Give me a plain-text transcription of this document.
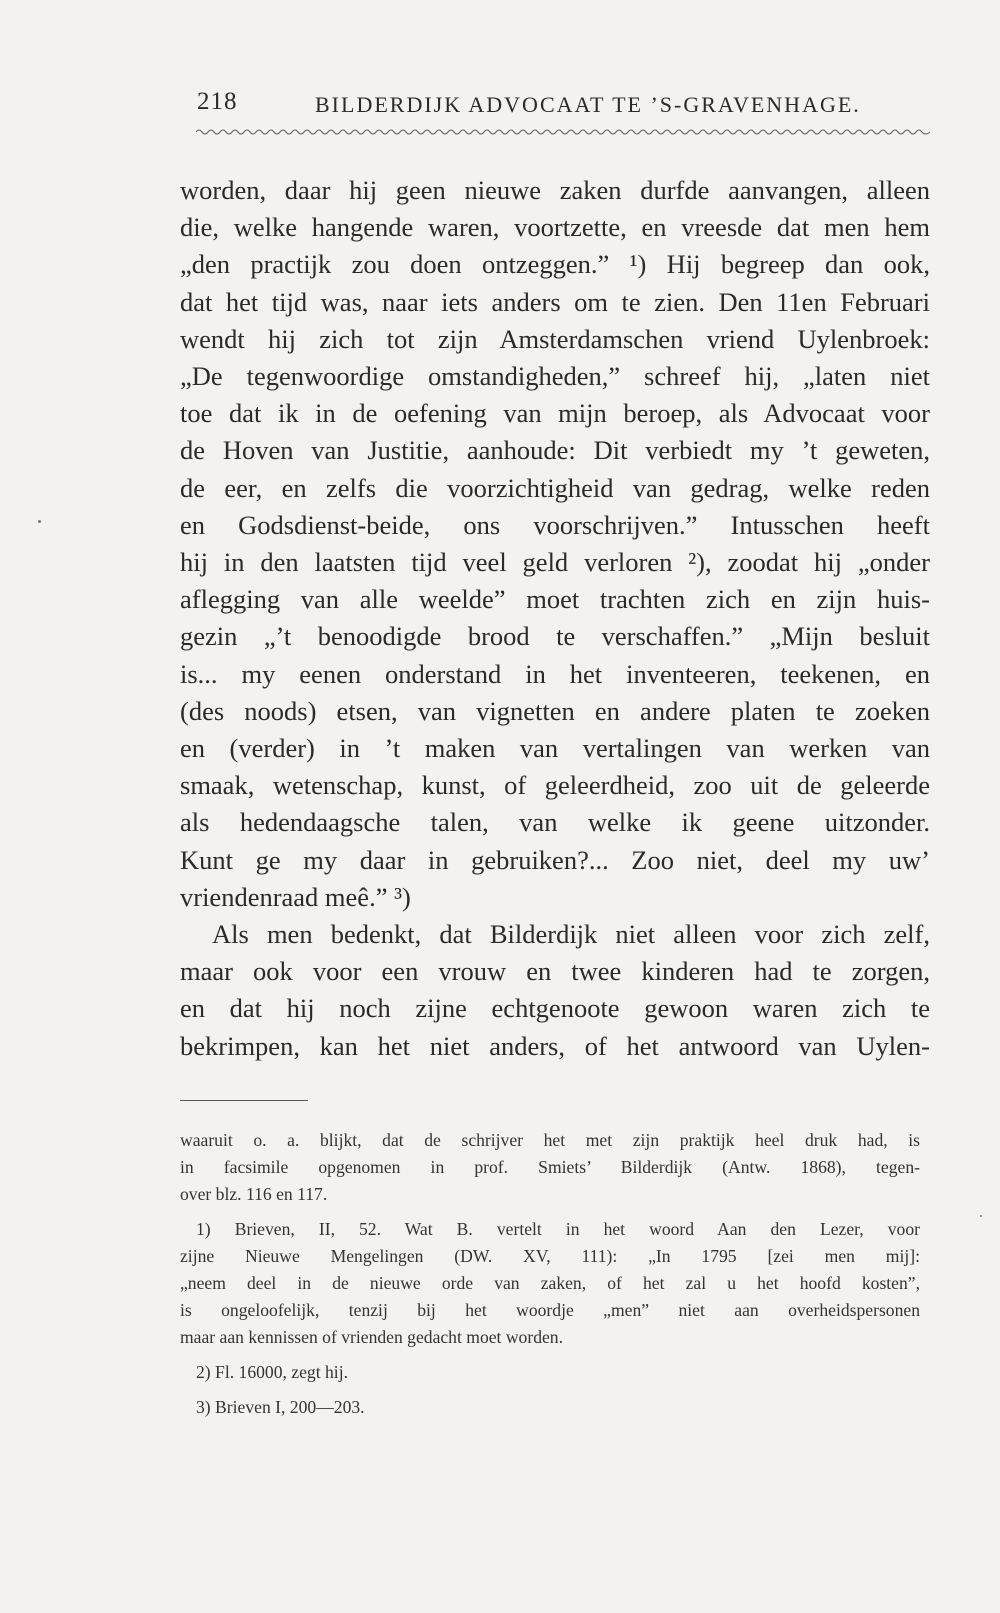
218	BILDERDIJK ADVOCAAT TE ’S-GRAVENHAGE.
worden, daar hij geen nieuwe zaken durfde aanvangen, alleen
die, welke hangende waren, voortzette, en vreesde dat men hem
„den practijk zou doen ontzeggen.” ¹) Hij begreep dan ook,
dat het tijd was, naar iets anders om te zien. Den 11en Februari
wendt hij zich tot zijn Amsterdamschen vriend Uylenbroek:
„De tegenwoordige omstandigheden,” schreef hij, „laten niet
toe dat ik in de oefening van mijn beroep, als Advocaat voor
de Hoven van Justitie, aanhoude: Dit verbiedt my ’t geweten,
de eer, en zelfs die voorzichtigheid van gedrag, welke reden
en Godsdienst-beide, ons voorschrijven.” Intusschen heeft
hij in den laatsten tijd veel geld verloren ²), zoodat hij „onder
aflegging van alle weelde” moet trachten zich en zijn huis-
gezin „’t benoodigde brood te verschaffen.” „Mijn besluit
is... my eenen onderstand in het inventeeren, teekenen, en
(des noods) etsen, van vignetten en andere platen te zoeken
en (verder) in ’t maken van vertalingen van werken van
smaak, wetenschap, kunst, of geleerdheid, zoo uit de geleerde
als hedendaagsche talen, van welke ik geene uitzonder.
Kunt ge my daar in gebruiken?... Zoo niet, deel my uw’
vriendenraad meê.” ³)
Als men bedenkt, dat Bilderdijk niet alleen voor zich zelf,
maar ook voor een vrouw en twee kinderen had te zorgen,
en dat hij noch zijne echtgenoote gewoon waren zich te
bekrimpen, kan het niet anders, of het antwoord van Uylen-
waaruit o. a. blijkt, dat de schrijver het met zijn praktijk heel druk had, is
in facsimile opgenomen in prof. Smiets’ Bilderdijk (Antw. 1868), tegen-
over blz. 116 en 117.
1) Brieven, II, 52. Wat B. vertelt in het woord Aan den Lezer, voor
zijne Nieuwe Mengelingen (DW. XV, 111): „In 1795 [zei men mij]:
„neem deel in de nieuwe orde van zaken, of het zal u het hoofd kosten”,
is ongeloofelijk, tenzij bij het woordje „men” niet aan overheidspersonen
maar aan kennissen of vrienden gedacht moet worden.
2) Fl. 16000, zegt hij.
3) Brieven I, 200—203.
